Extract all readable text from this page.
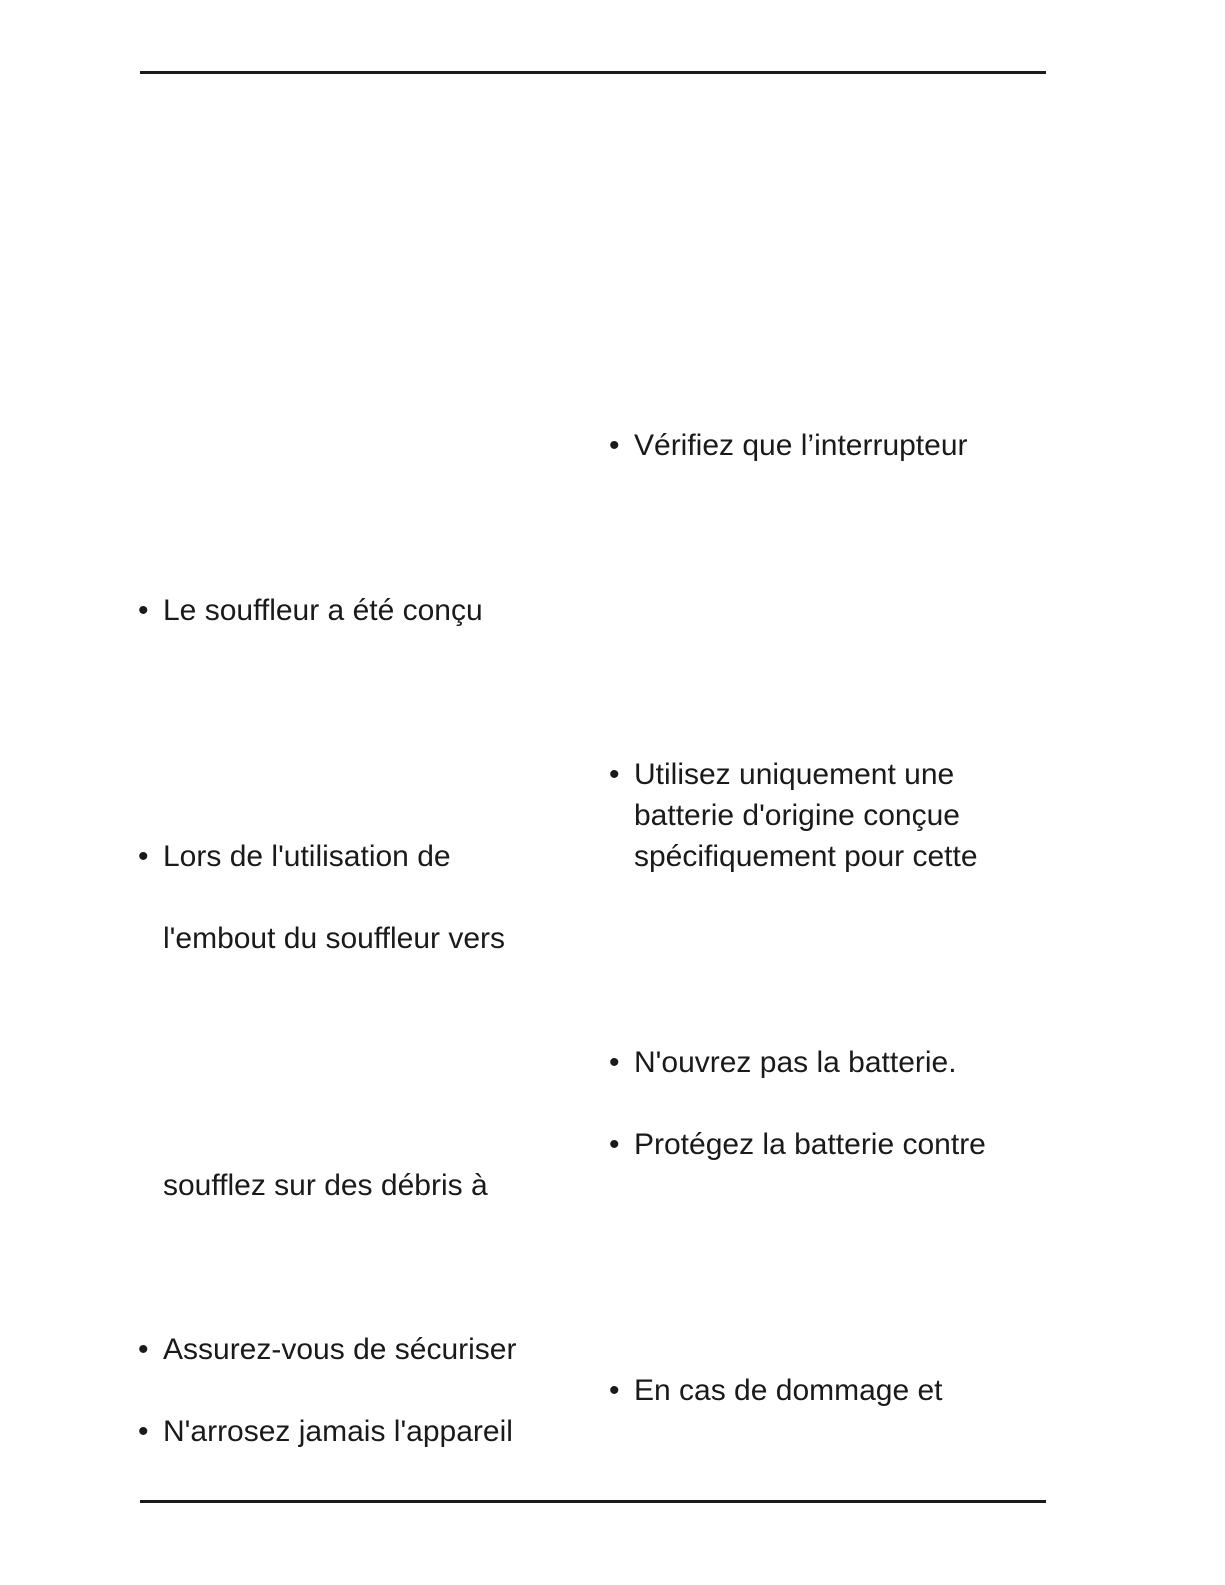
• Le souffleur a été conçu
• Lors de l'utilisation de
l'embout du souffleur vers
soufflez sur des débris à
• Assurez-vous de sécuriser
• N'arrosez jamais l'appareil
• Vérifiez que l’interrupteur
• Utilisez uniquement une
batterie d'origine conçue
spécifiquement pour cette
• N'ouvrez pas la batterie.
• Protégez la batterie contre
• En cas de dommage et
